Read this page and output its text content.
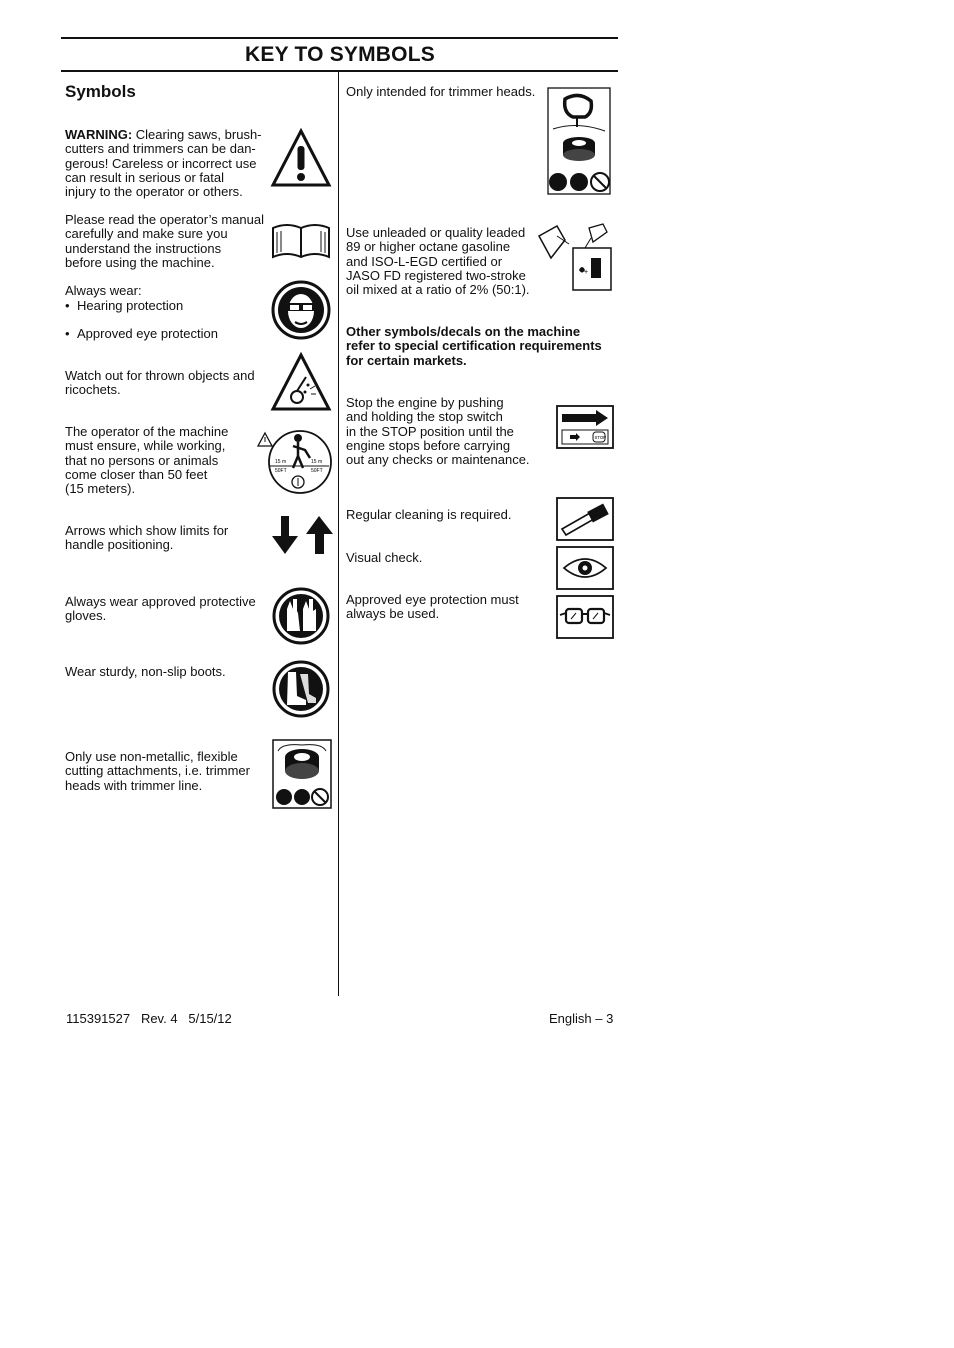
KEY TO SYMBOLS
Symbols
WARNING: Clearing saws, brush-
cutters and trimmers can be dan-
gerous! Careless or incorrect use
can result in serious or fatal
injury to the operator or others.
Please read the operator’s manual
carefully and make sure you
understand the instructions
before using the machine.
Always wear:

• Hearing protection

• Approved eye protection

Watch out for thrown objects and
ricochets.
The operator of the machine
must ensure, while working,
that no persons or animals
come closer than 50 feet
(15 meters).
15 m
50FT
15 m
50FT
Arrows which show limits for
handle positioning.
Always wear approved protective
gloves.
Wear sturdy, non-slip boots.
Only use non-metallic, flexible
cutting attachments, i.e. trimmer
heads with trimmer line.
Only intended for trimmer heads.
Use unleaded or quality leaded
89 or higher octane gasoline
and ISO-L-EGD certified or
JASO FD registered two-stroke
oil mixed at a ratio of 2% (50:1).
+
Other symbols/decals on the machine
refer to special certification requirements
for certain markets.
Stop the engine by pushing
and holding the stop switch
in the STOP position until the
engine stops before carrying
out any checks or maintenance.
STOP
Regular cleaning is required.
Visual check.
Approved eye protection must
always be used.
115391527   Rev. 4   5/15/12	English – 3
